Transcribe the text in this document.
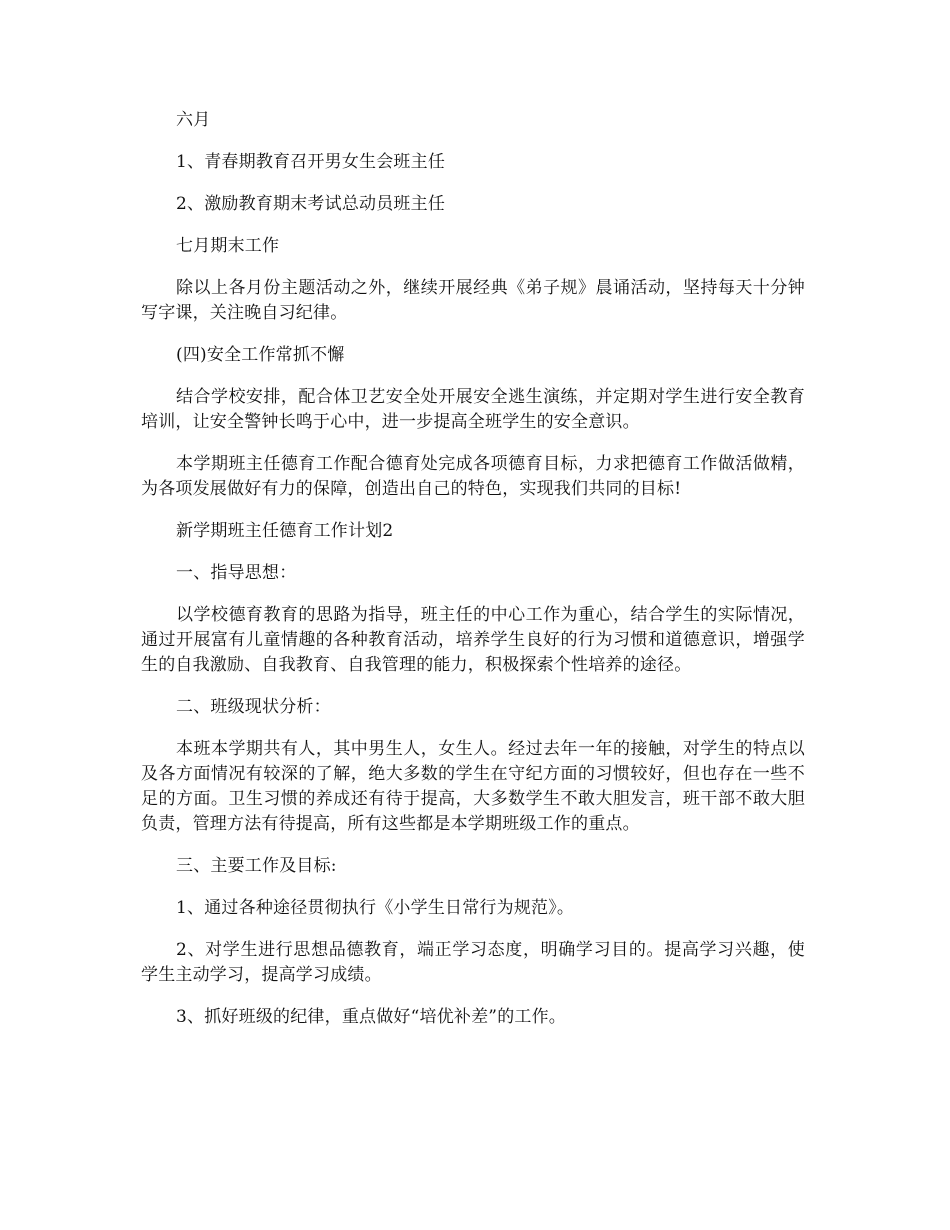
六月

1、青春期教育召开男女生会班主任

2、激励教育期末考试总动员班主任

七月期末工作

除以上各月份主题活动之外，继续开展经典《弟子规》晨诵活动，坚持每天十分钟写字课，关注晚自习纪律。

(四)安全工作常抓不懈

结合学校安排，配合体卫艺安全处开展安全逃生演练，并定期对学生进行安全教育培训，让安全警钟长鸣于心中，进一步提高全班学生的安全意识。

本学期班主任德育工作配合德育处完成各项德育目标，力求把德育工作做活做精，为各项发展做好有力的保障，创造出自己的特色，实现我们共同的目标!

新学期班主任德育工作计划2

一、指导思想：

以学校德育教育的思路为指导，班主任的中心工作为重心，结合学生的实际情况，通过开展富有儿童情趣的各种教育活动，培养学生良好的行为习惯和道德意识，增强学生的自我激励、自我教育、自我管理的能力，积极探索个性培养的途径。

二、班级现状分析：

本班本学期共有人，其中男生人，女生人。经过去年一年的接触，对学生的特点以及各方面情况有较深的了解，绝大多数的学生在守纪方面的习惯较好，但也存在一些不足的方面。卫生习惯的养成还有待于提高，大多数学生不敢大胆发言，班干部不敢大胆负责，管理方法有待提高，所有这些都是本学期班级工作的重点。

三、主要工作及目标:

1、通过各种途径贯彻执行《小学生日常行为规范》。

2、对学生进行思想品德教育，端正学习态度，明确学习目的。提高学习兴趣，使学生主动学习，提高学习成绩。

3、抓好班级的纪律，重点做好“培优补差”的工作。
